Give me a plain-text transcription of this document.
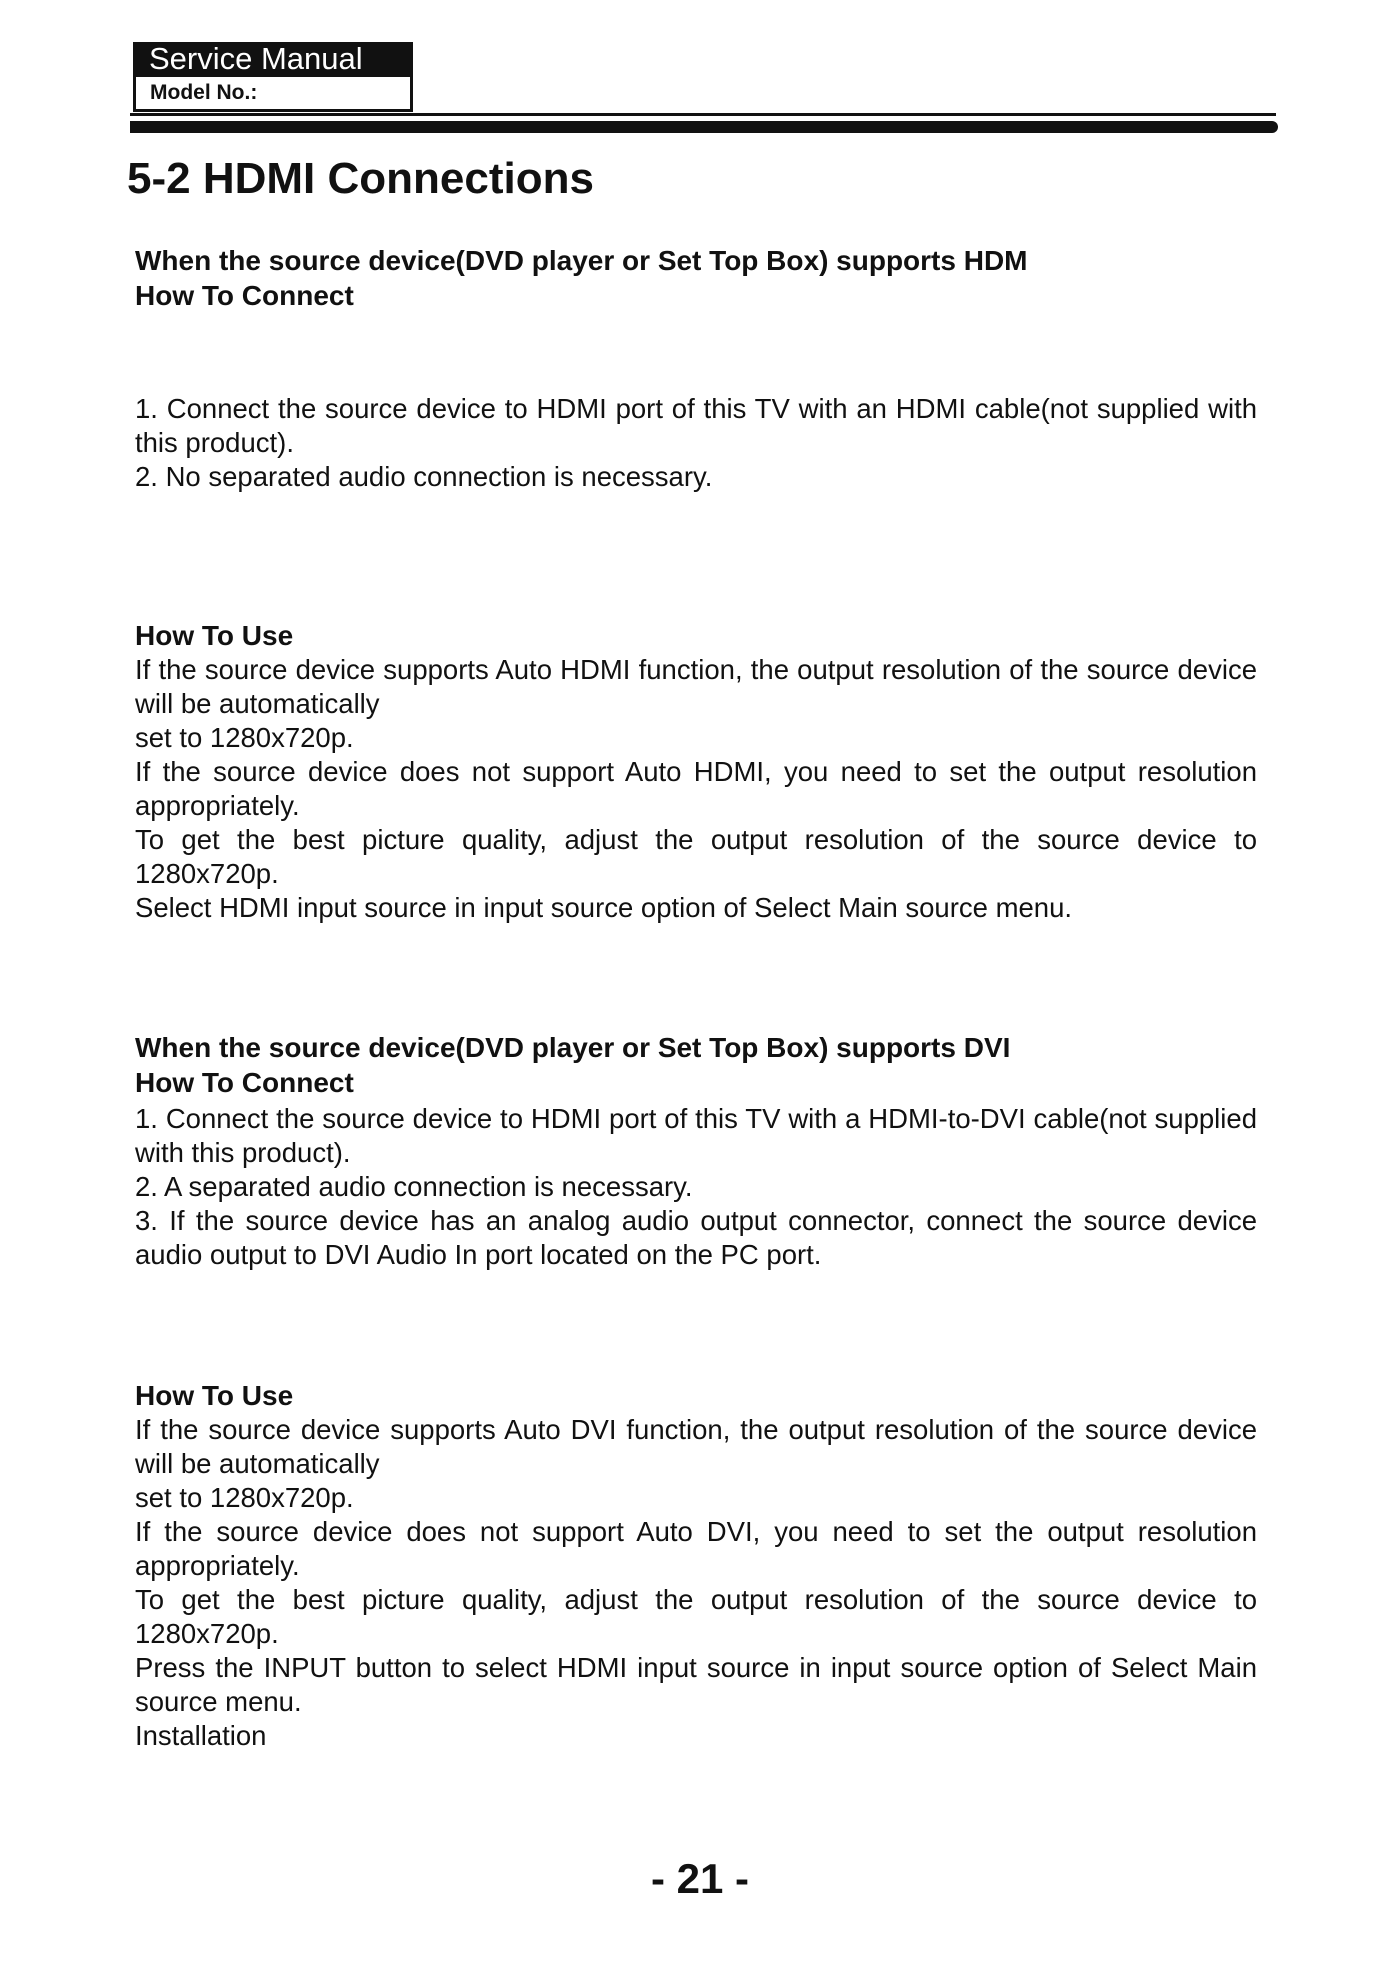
Service Manual
Model No.:
5-2 HDMI Connections
When the source device(DVD player or Set Top Box) supports HDM
How To Connect
1. Connect the source device to HDMI port of this TV with an HDMI cable(not supplied with this product).
2. No separated audio connection is necessary.
How To Use
If the source device supports Auto HDMI function, the output resolution of the source device will be automatically
set to 1280x720p.
If the source device does not support Auto HDMI, you need to set the output resolution appropriately.
To get the best picture quality, adjust the output resolution of the source device to 1280x720p.
Select HDMI input source in input source option of Select Main source menu.
When the source device(DVD player or Set Top Box) supports DVI
How To Connect
1. Connect the source device to HDMI port of this TV with a HDMI-to-DVI cable(not supplied with this product).
2. A separated audio connection is necessary.
3. If the source device has an analog audio output connector, connect the source device audio output to DVI Audio In port located on the PC port.
How To Use
If the source device supports Auto DVI function, the output resolution of the source device will be automatically
set to 1280x720p.
If the source device does not support Auto DVI, you need to set the output resolution appropriately.
To get the best picture quality, adjust the output resolution of the source device to 1280x720p.
Press the INPUT button to select HDMI input source in input source option of Select Main source menu.
Installation
- 21 -
